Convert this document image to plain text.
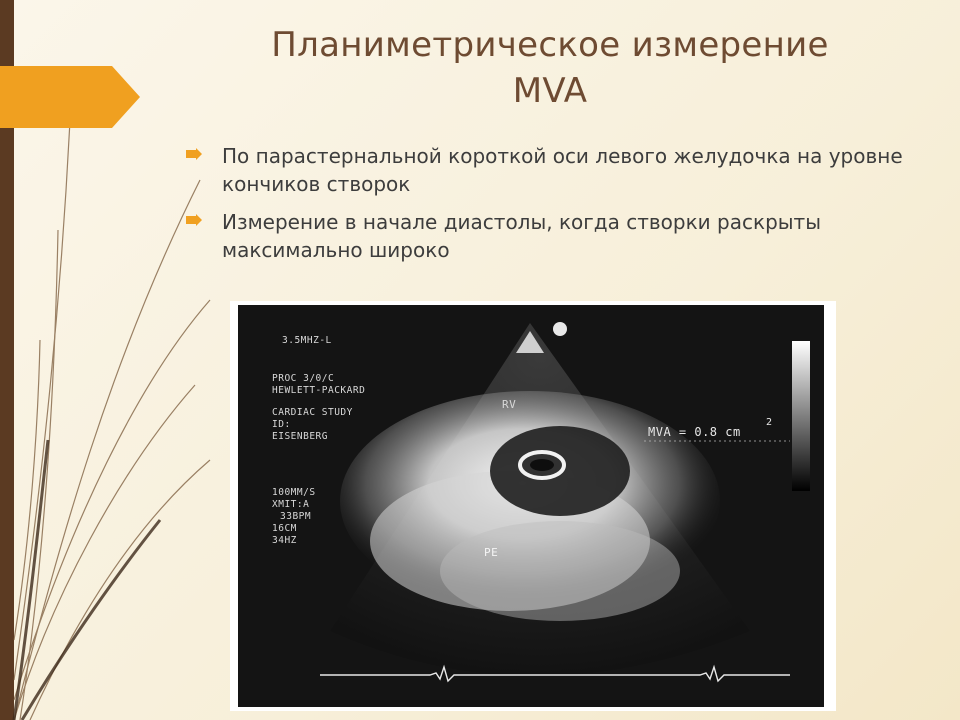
Планиметрическое измерение
MVA
По парастернальной короткой оси левого желудочка на уровне кончиков створок
Измерение в начале диастолы, когда створки раскрыты максимально широко
3.5MHZ-L
PROC 3/0/C
HEWLETT-PACKARD
CARDIAC STUDY
ID:
EISENBERG
100MM/S
XMIT:A
33BPM
16CM
34HZ
RV
PE
MVA = 0.8 cm
2
